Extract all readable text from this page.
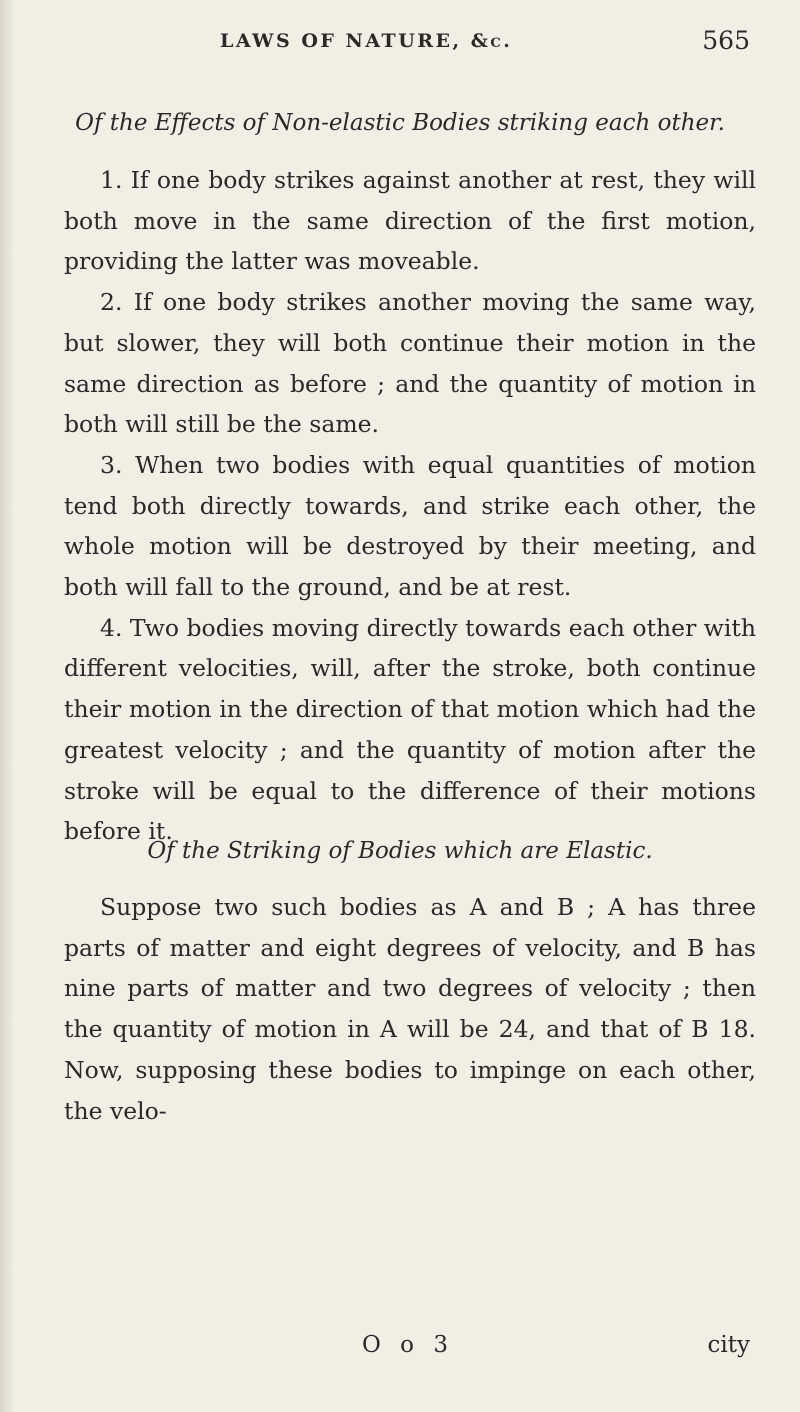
LAWS OF NATURE, &c.	565
Of the Effects of Non-elastic Bodies striking each other.

1. If one body strikes against another at rest, they will both move in the same direction of the first motion, providing the latter was moveable.

2. If one body strikes another moving the same way, but slower, they will both continue their motion in the same direction as before ; and the quantity of motion in both will still be the same.

3. When two bodies with equal quantities of motion tend both directly towards, and strike each other, the whole motion will be destroyed by their meeting, and both will fall to the ground, and be at rest.

4. Two bodies moving directly towards each other with different velocities, will, after the stroke, both continue their motion in the direction of that motion which had the greatest velocity ; and the quantity of motion after the stroke will be equal to the difference of their motions before it.

Of the Striking of Bodies which are Elastic.

Suppose two such bodies as A and B ; A has three parts of matter and eight degrees of velocity, and B has nine parts of matter and two degrees of velocity ; then the quantity of motion in A will be 24, and that of B 18. Now, supposing these bodies to impinge on each other, the velo-

O o 3	city
